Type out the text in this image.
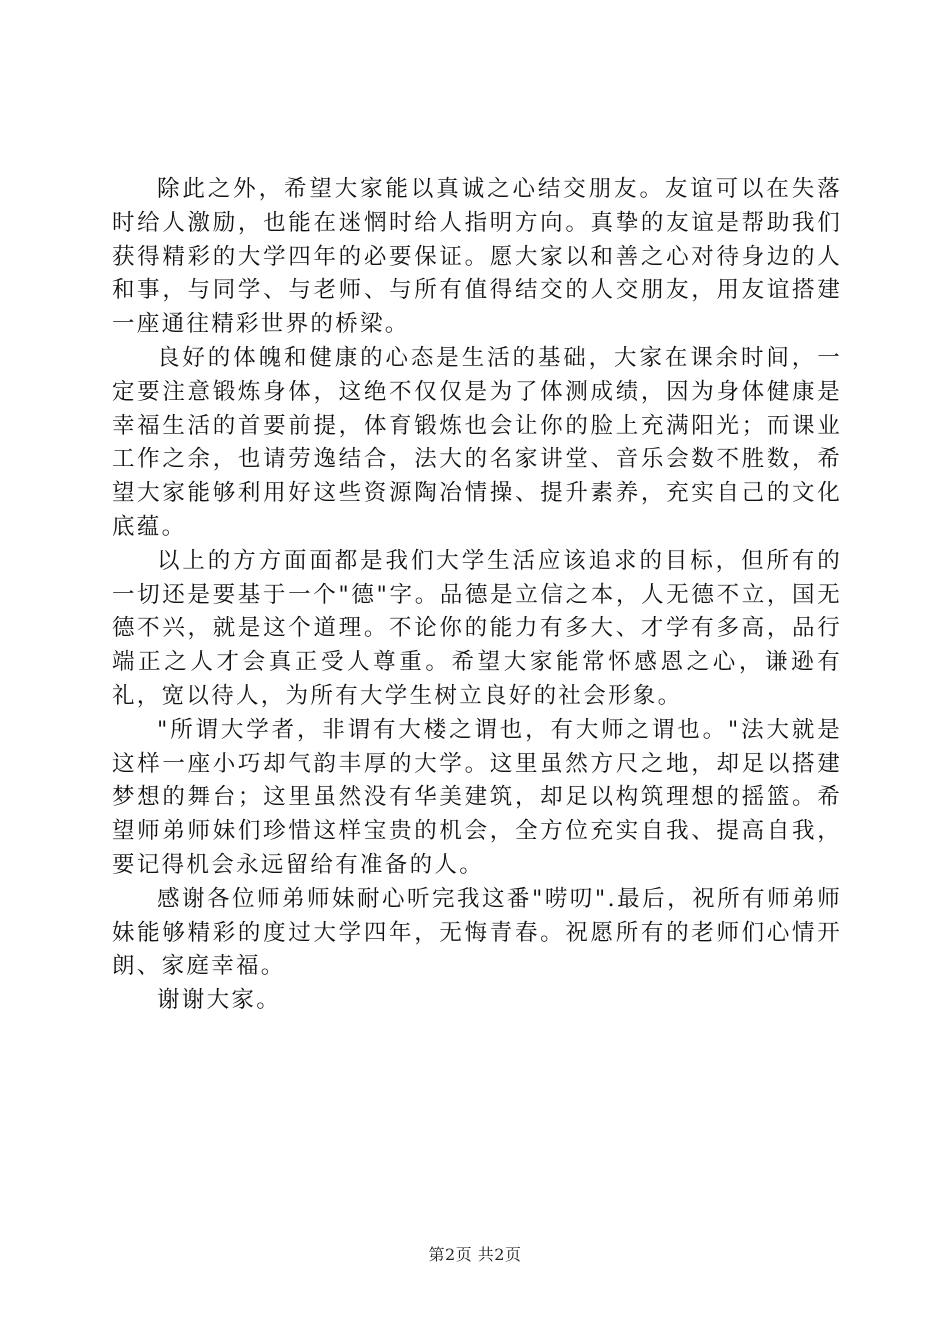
除此之外，希望大家能以真诚之心结交朋友。友谊可以在失落时给人激励，也能在迷惘时给人指明方向。真挚的友谊是帮助我们获得精彩的大学四年的必要保证。愿大家以和善之心对待身边的人和事，与同学、与老师、与所有值得结交的人交朋友，用友谊搭建一座通往精彩世界的桥梁。

良好的体魄和健康的心态是生活的基础，大家在课余时间，一定要注意锻炼身体，这绝不仅仅是为了体测成绩，因为身体健康是幸福生活的首要前提，体育锻炼也会让你的脸上充满阳光；而课业工作之余，也请劳逸结合，法大的名家讲堂、音乐会数不胜数，希望大家能够利用好这些资源陶冶情操、提升素养，充实自己的文化底蕴。

以上的方方面面都是我们大学生活应该追求的目标，但所有的一切还是要基于一个"德"字。品德是立信之本，人无德不立，国无德不兴，就是这个道理。不论你的能力有多大、才学有多高，品行端正之人才会真正受人尊重。希望大家能常怀感恩之心，谦逊有礼，宽以待人，为所有大学生树立良好的社会形象。

"所谓大学者，非谓有大楼之谓也，有大师之谓也。"法大就是这样一座小巧却气韵丰厚的大学。这里虽然方尺之地，却足以搭建梦想的舞台；这里虽然没有华美建筑，却足以构筑理想的摇篮。希望师弟师妹们珍惜这样宝贵的机会，全方位充实自我、提高自我，要记得机会永远留给有准备的人。

感谢各位师弟师妹耐心听完我这番"唠叨".最后，祝所有师弟师妹能够精彩的度过大学四年，无悔青春。祝愿所有的老师们心情开朗、家庭幸福。

谢谢大家。

第2页 共2页
